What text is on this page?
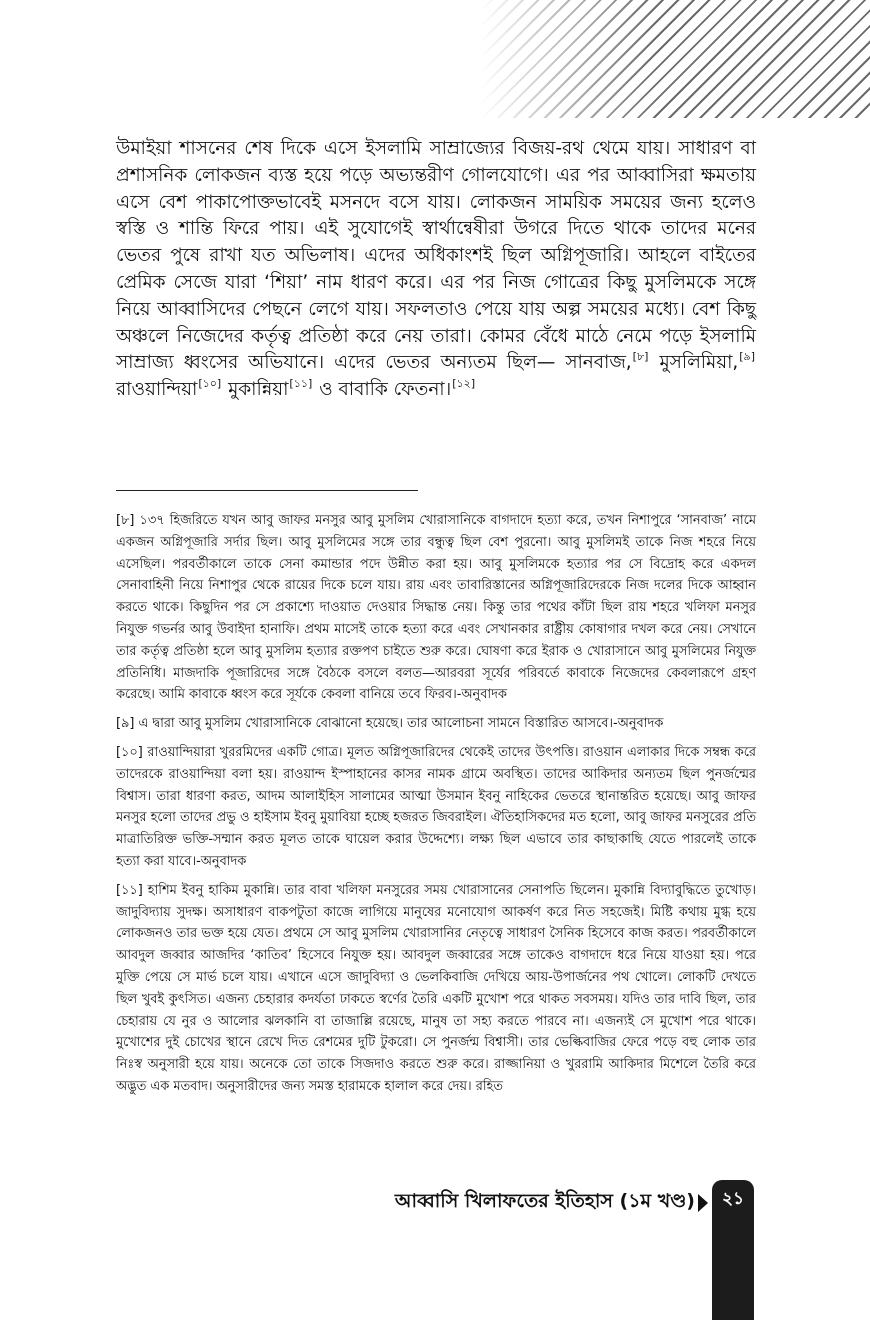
উমাইয়া শাসনের শেষ দিকে এসে ইসলামি সাম্রাজ্যের বিজয়-রথ থেমে যায়। সাধারণ বা প্রশাসনিক লোকজন ব্যস্ত হয়ে পড়ে অভ্যন্তরীণ গোলযোগে। এর পর আব্বাসিরা ক্ষমতায় এসে বেশ পাকাপোক্তভাবেই মসনদে বসে যায়। লোকজন সাময়িক সময়ের জন্য হলেও স্বস্তি ও শান্তি ফিরে পায়। এই সুযোগেই স্বার্থান্বেষীরা উগরে দিতে থাকে তাদের মনের ভেতর পুষে রাখা যত অভিলাষ। এদের অধিকাংশই ছিল অগ্নিপূজারি। আহলে বাইতের প্রেমিক সেজে যারা ‘শিয়া’ নাম ধারণ করে। এর পর নিজ গোত্রের কিছু মুসলিমকে সঙ্গে নিয়ে আব্বাসিদের পেছনে লেগে যায়। সফলতাও পেয়ে যায় অল্প সময়ের মধ্যে। বেশ কিছু অঞ্চলে নিজেদের কর্তৃত্ব প্রতিষ্ঠা করে নেয় তারা। কোমর বেঁধে মাঠে নেমে পড়ে ইসলামি সাম্রাজ্য ধ্বংসের অভিযানে। এদের ভেতর অন্যতম ছিল— সানবাজ,[৮] মুসলিমিয়া,[৯] রাওয়ান্দিয়া[১০] মুকান্নিয়া[১১] ও বাবাকি ফেতনা।[১২]

[৮] ১৩৭ হিজরিতে যখন আবু জাফর মনসুর আবু মুসলিম খোরাসানিকে বাগদাদে হত্যা করে, তখন নিশাপুরে ‘সানবাজ’ নামে একজন অগ্নিপূজারি সর্দার ছিল। আবু মুসলিমের সঙ্গে তার বন্ধুত্ব ছিল বেশ পুরনো। আবু মুসলিমই তাকে নিজ শহরে নিয়ে এসেছিল। পরবর্তীকালে তাকে সেনা কমান্ডার পদে উন্নীত করা হয়। আবু মুসলিমকে হত্যার পর সে বিদ্রোহ করে একদল সেনাবাহিনী নিয়ে নিশাপুর থেকে রায়ের দিকে চলে যায়। রায় এবং তাবারিস্তানের অগ্নিপূজারিদেরকে নিজ দলের দিকে আহ্বান করতে থাকে। কিছুদিন পর সে প্রকাশ্যে দাওয়াত দেওয়ার সিদ্ধান্ত নেয়। কিন্তু তার পথের কাঁটা ছিল রায় শহরে খলিফা মনসুর নিযুক্ত গভর্নর আবু উবাইদা হানাফি। প্রথম মাসেই তাকে হত্যা করে এবং সেখানকার রাষ্ট্রীয় কোষাগার দখল করে নেয়। সেখানে তার কর্তৃত্ব প্রতিষ্ঠা হলে আবু মুসলিম হত্যার রক্তপণ চাইতে শুরু করে। ঘোষণা করে ইরাক ও খোরাসানে আবু মুসলিমের নিযুক্ত প্রতিনিধি। মাজদাকি পূজারিদের সঙ্গে বৈঠকে বসলে বলত—আরবরা সূর্যের পরিবর্তে কাবাকে নিজেদের কেবলারূপে গ্রহণ করেছে। আমি কাবাকে ধ্বংস করে সূর্যকে কেবলা বানিয়ে তবে ফিরব।-অনুবাদক

[৯] এ দ্বারা আবু মুসলিম খোরাসানিকে বোঝানো হয়েছে। তার আলোচনা সামনে বিস্তারিত আসবে।-অনুবাদক

[১০] রাওয়ান্দিয়ারা খুররমিদের একটি গোত্র। মূলত অগ্নিপূজারিদের থেকেই তাদের উৎপত্তি। রাওয়ান এলাকার দিকে সম্বন্ধ করে তাদেরকে রাওয়ান্দিয়া বলা হয়। রাওয়ান্দ ইস্পাহানের কাসর নামক গ্রামে অবস্থিত। তাদের আকিদার অন্যতম ছিল পুনর্জন্মের বিশ্বাস। তারা ধারণা করত, আদম আলাইহিস সালামের আত্মা উসমান ইবনু নাহিকের ভেতরে স্থানান্তরিত হয়েছে। আবু জাফর মনসুর হলো তাদের প্রভু ও হাইসাম ইবনু মুয়াবিয়া হচ্ছে হজরত জিবরাইল। ঐতিহাসিকদের মত হলো, আবু জাফর মনসুরের প্রতি মাত্রাতিরিক্ত ভক্তি-সম্মান করত মূলত তাকে ঘায়েল করার উদ্দেশ্যে। লক্ষ্য ছিল এভাবে তার কাছাকাছি যেতে পারলেই তাকে হত্যা করা যাবে।-অনুবাদক

[১১] হাশিম ইবনু হাকিম মুকান্নি। তার বাবা খলিফা মনসুরের সময় খোরাসানের সেনাপতি ছিলেন। মুকান্নি বিদ্যাবুদ্ধিতে তুখোড়। জাদুবিদ্যায় সুদক্ষ। অসাধারণ বাকপটুতা কাজে লাগিয়ে মানুষের মনোযোগ আকর্ষণ করে নিত সহজেই। মিষ্টি কথায় মুগ্ধ হয়ে লোকজনও তার ভক্ত হয়ে যেত। প্রথমে সে আবু মুসলিম খোরাসানির নেতৃত্বে সাধারণ সৈনিক হিসেবে কাজ করত। পরবর্তীকালে আবদুল জব্বার আজদির ‘কাতিব’ হিসেবে নিযুক্ত হয়। আবদুল জব্বারের সঙ্গে তাকেও বাগদাদে ধরে নিয়ে যাওয়া হয়। পরে মুক্তি পেয়ে সে মার্ভ চলে যায়। এখানে এসে জাদুবিদ্যা ও ভেলকিবাজি দেখিয়ে আয়-উপার্জনের পথ খোলে। লোকটি দেখতে ছিল খুবই কুৎসিত। এজন্য চেহারার কদর্যতা ঢাকতে স্বর্ণের তৈরি একটি মুখোশ পরে থাকত সবসময়। যদিও তার দাবি ছিল, তার চেহারায় যে নুর ও আলোর ঝলকানি বা তাজাল্লি রয়েছে, মানুষ তা সহ্য করতে পারবে না। এজন্যই সে মুখোশ পরে থাকে। মুখোশের দুই চোখের স্থানে রেখে দিত রেশমের দুটি টুকরো। সে পুনর্জন্ম বিশ্বাসী। তার ভেল্কিবাজির ফেরে পড়ে বহু লোক তার নিঃস্ব অনুসারী হয়ে যায়। অনেকে তো তাকে সিজদাও করতে শুরু করে। রাজ্জানিয়া ও খুররামি আকিদার মিশেলে তৈরি করে অদ্ভুত এক মতবাদ। অনুসারীদের জন্য সমস্ত হারামকে হালাল করে দেয়। রহিত

আব্বাসি খিলাফতের ইতিহাস (১ম খণ্ড)	২১
